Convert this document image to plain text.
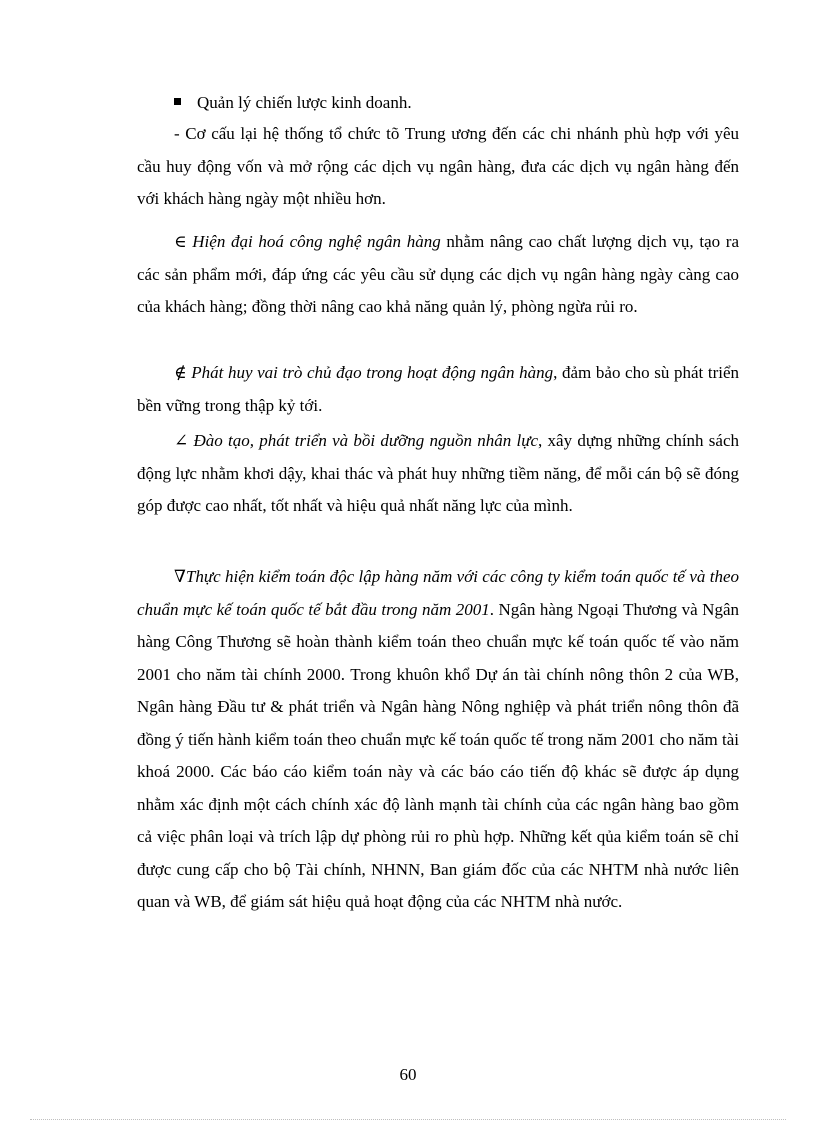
Quản lý chiến lược kinh doanh.

- Cơ cấu lại hệ thống tổ chức tõ Trung ương đến các chi nhánh phù hợp với yêu cầu huy động vốn và mở rộng các dịch vụ ngân hàng, đưa các dịch vụ ngân hàng đến với khách hàng ngày một nhiều hơn.

∈ Hiện đại hoá công nghệ ngân hàng nhằm nâng cao chất lượng dịch vụ, tạo ra các sản phẩm mới, đáp ứng các yêu cầu sử dụng các dịch vụ ngân hàng ngày càng cao của khách hàng; đồng thời nâng cao khả năng quản lý, phòng ngừa rủi ro.

∉ Phát huy vai trò chủ đạo trong hoạt động ngân hàng, đảm bảo cho sù phát triển bền vững trong thập kỷ tới.

∠ Đào tạo, phát triển và bồi dưỡng nguồn nhân lực, xây dựng những chính sách động lực nhằm khơi dậy, khai thác và phát huy những tiềm năng, để mỗi cán bộ sẽ đóng góp được cao nhất, tốt nhất và hiệu quả nhất năng lực của mình.

∇Thực hiện kiểm toán độc lập hàng năm với các công ty kiểm toán quốc tế và theo chuẩn mực kế toán quốc tế bắt đầu trong năm 2001. Ngân hàng Ngoại Thương và Ngân hàng Công Thương sẽ hoàn thành kiểm toán theo chuẩn mực kế toán quốc tế vào năm 2001 cho năm tài chính 2000. Trong khuôn khổ Dự án tài chính nông thôn 2 của WB, Ngân hàng Đầu tư & phát triển và Ngân hàng Nông nghiệp và phát triển nông thôn đã đồng ý tiến hành kiểm toán theo chuẩn mực kế toán quốc tế trong năm 2001 cho năm tài khoá 2000. Các báo cáo kiểm toán này và các báo cáo tiến độ khác sẽ được áp dụng nhằm xác định một cách chính xác độ lành mạnh tài chính của các ngân hàng bao gồm cả việc phân loại và trích lập dự phòng rủi ro phù hợp. Những kết qủa kiểm toán sẽ chỉ được cung cấp cho bộ Tài chính, NHNN, Ban giám đốc của các NHTM nhà nước liên quan và WB, để giám sát hiệu quả hoạt động của các NHTM nhà nước.

60
